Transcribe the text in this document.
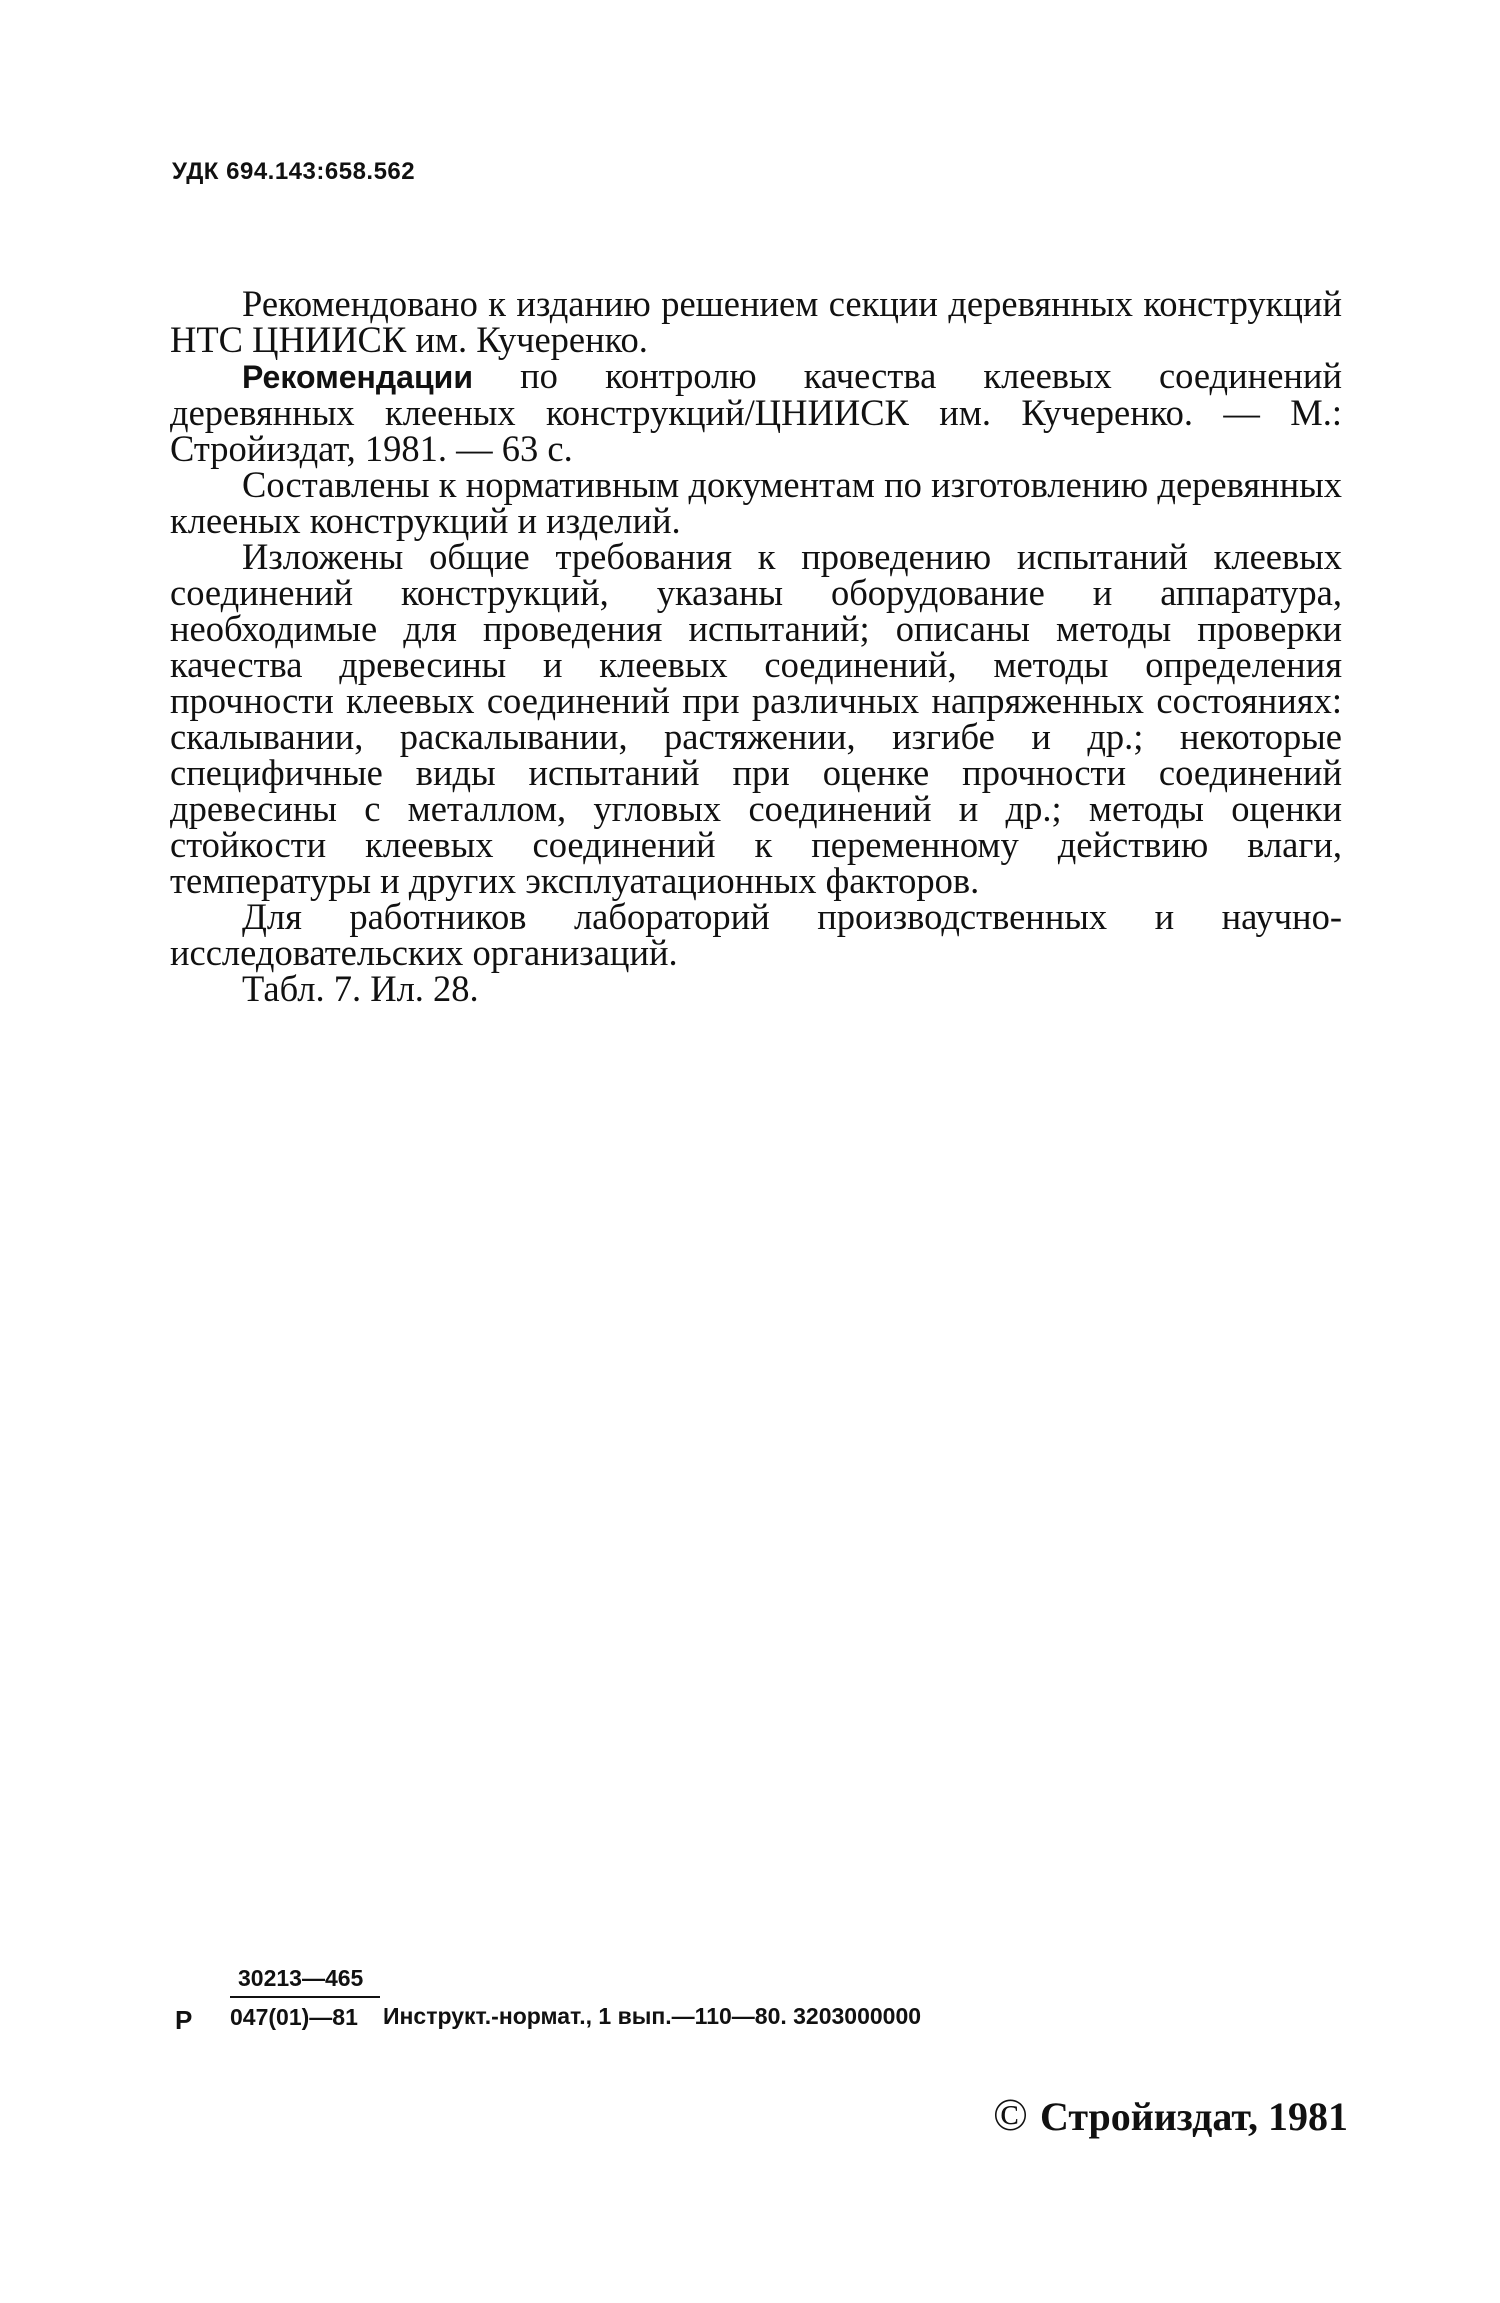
УДК 694.143:658.562

Рекомендовано к изданию решением секции деревянных конструкций НТС ЦНИИСК им. Кучеренко.

Рекомендации по контролю качества клеевых соединений деревянных клееных конструкций/ЦНИИСК им. Кучеренко. — М.: Стройиздат, 1981. — 63 с.

Составлены к нормативным документам по изготовлению деревянных клееных конструкций и изделий.

Изложены общие требования к проведению испытаний клеевых соединений конструкций, указаны оборудование и аппаратура, необходимые для проведения испытаний; описаны методы проверки качества древесины и клеевых соединений, методы определения прочности клеевых соединений при различных напряженных состояниях: скалывании, раскалывании, растяжении, изгибе и др.; некоторые специфичные виды испытаний при оценке прочности соединений древесины с металлом, угловых соединений и др.; методы оценки стойкости клеевых соединений к переменному действию влаги, температуры и других эксплуатационных факторов.

Для работников лабораторий производственных и научно-исследовательских организаций.

Табл. 7. Ил. 28.

Р
30213—465
047(01)—81	Инструкт.-нормат., 1 вып.—110—80. 3203000000
© Стройиздат, 1981
